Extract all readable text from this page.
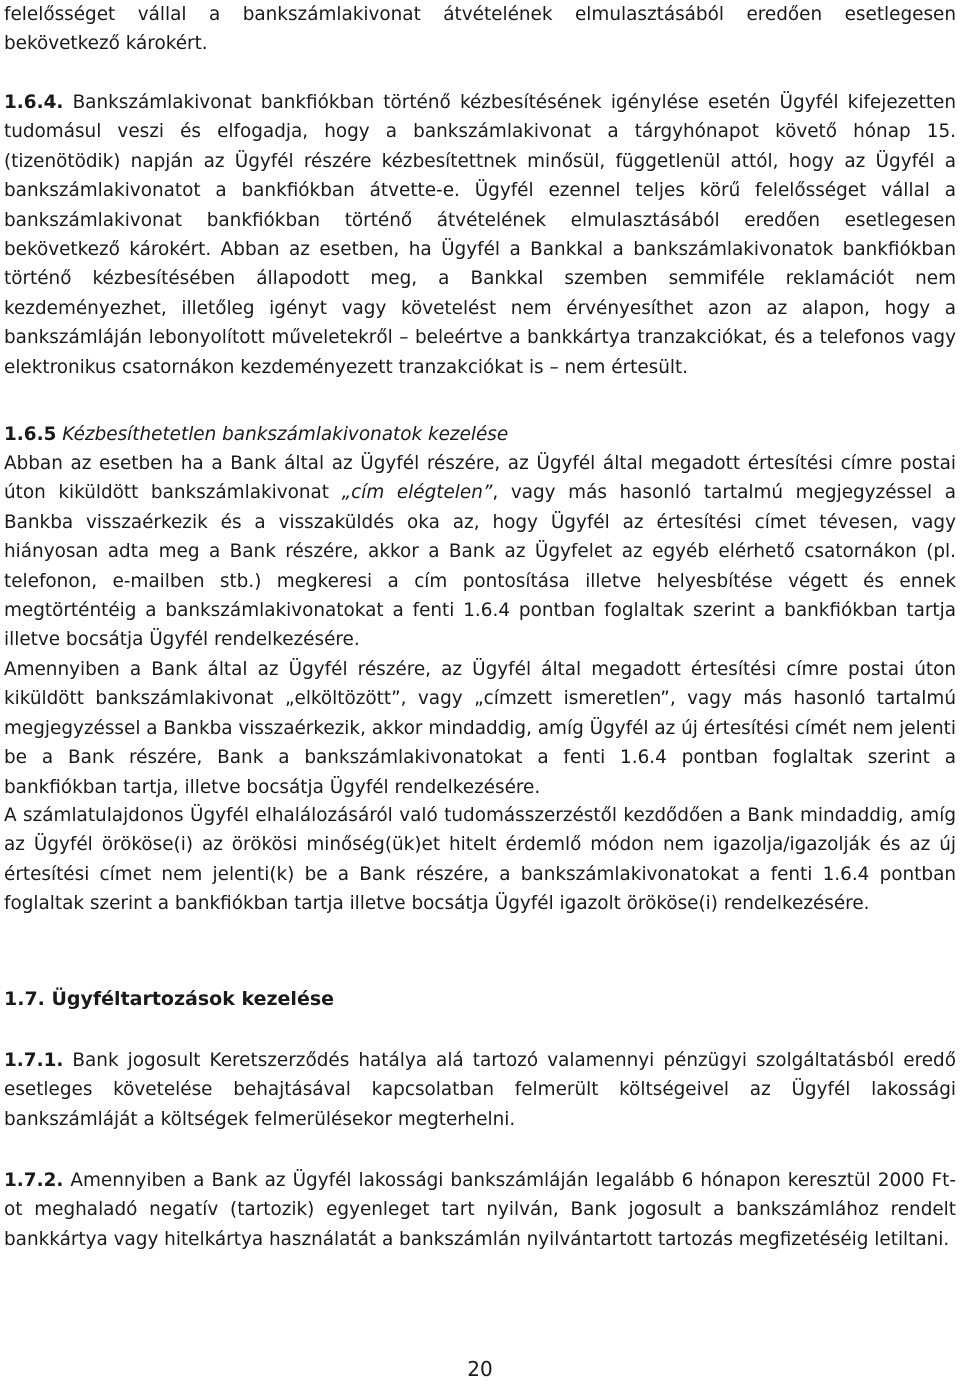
felelősséget vállal a bankszámlakivonat átvételének elmulasztásából eredően esetlegesen bekövetkező károkért.

1.6.4. Bankszámlakivonat bankfiókban történő kézbesítésének igénylése esetén Ügyfél kifejezetten tudomásul veszi és elfogadja, hogy a bankszámlakivonat a tárgyhónapot követő hónap 15. (tizenötödik) napján az Ügyfél részére kézbesítettnek minősül, függetlenül attól, hogy az Ügyfél a bankszámlakivonatot a bankfiókban átvette-e. Ügyfél ezennel teljes körű felelősséget vállal a bankszámlakivonat bankfiókban történő átvételének elmulasztásából eredően esetlegesen bekövetkező károkért. Abban az esetben, ha Ügyfél a Bankkal a bankszámlakivonatok bankfiókban történő kézbesítésében állapodott meg, a Bankkal szemben semmiféle reklamációt nem kezdeményezhet, illetőleg igényt vagy követelést nem érvényesíthet azon az alapon, hogy a bankszámláján lebonyolított műveletekről – beleértve a bankkártya tranzakciókat, és a telefonos vagy elektronikus csatornákon kezdeményezett tranzakciókat is – nem értesült.

1.6.5 Kézbesíthetetlen bankszámlakivonatok kezelése

Abban az esetben ha a Bank által az Ügyfél részére, az Ügyfél által megadott értesítési címre postai úton kiküldött bankszámlakivonat „cím elégtelen”, vagy más hasonló tartalmú megjegyzéssel a Bankba visszaérkezik és a visszaküldés oka az, hogy Ügyfél az értesítési címet tévesen, vagy hiányosan adta meg a Bank részére, akkor a Bank az Ügyfelet az egyéb elérhető csatornákon (pl. telefonon, e-mailben stb.) megkeresi a cím pontosítása illetve helyesbítése végett és ennek megtörténtéig a bankszámlakivonatokat a fenti 1.6.4 pontban foglaltak szerint a bankfiókban tartja illetve bocsátja Ügyfél rendelkezésére.

Amennyiben a Bank által az Ügyfél részére, az Ügyfél által megadott értesítési címre postai úton kiküldött bankszámlakivonat „elköltözött”, vagy „címzett ismeretlen”, vagy más hasonló tartalmú megjegyzéssel a Bankba visszaérkezik, akkor mindaddig, amíg Ügyfél az új értesítési címét nem jelenti be a Bank részére, Bank a bankszámlakivonatokat a fenti 1.6.4 pontban foglaltak szerint a bankfiókban tartja, illetve bocsátja Ügyfél rendelkezésére.

A számlatulajdonos Ügyfél elhalálozásáról való tudomásszerzéstől kezdődően a Bank mindaddig, amíg az Ügyfél örököse(i) az örökösi minőség(ük)et hitelt érdemlő módon nem igazolja/igazolják és az új értesítési címet nem jelenti(k) be a Bank részére, a bankszámlakivonatokat a fenti 1.6.4 pontban foglaltak szerint a bankfiókban tartja illetve bocsátja Ügyfél igazolt örököse(i) rendelkezésére.

1.7. Ügyféltartozások kezelése

1.7.1. Bank jogosult Keretszerződés hatálya alá tartozó valamennyi pénzügyi szolgáltatásból eredő esetleges követelése behajtásával kapcsolatban felmerült költségeivel az Ügyfél lakossági bankszámláját a költségek felmerülésekor megterhelni.

1.7.2. Amennyiben a Bank az Ügyfél lakossági bankszámláján legalább 6 hónapon keresztül 2000 Ft-ot meghaladó negatív (tartozik) egyenleget tart nyilván, Bank jogosult a bankszámlához rendelt bankkártya vagy hitelkártya használatát a bankszámlán nyilvántartott tartozás megfizetéséig letiltani.

20
